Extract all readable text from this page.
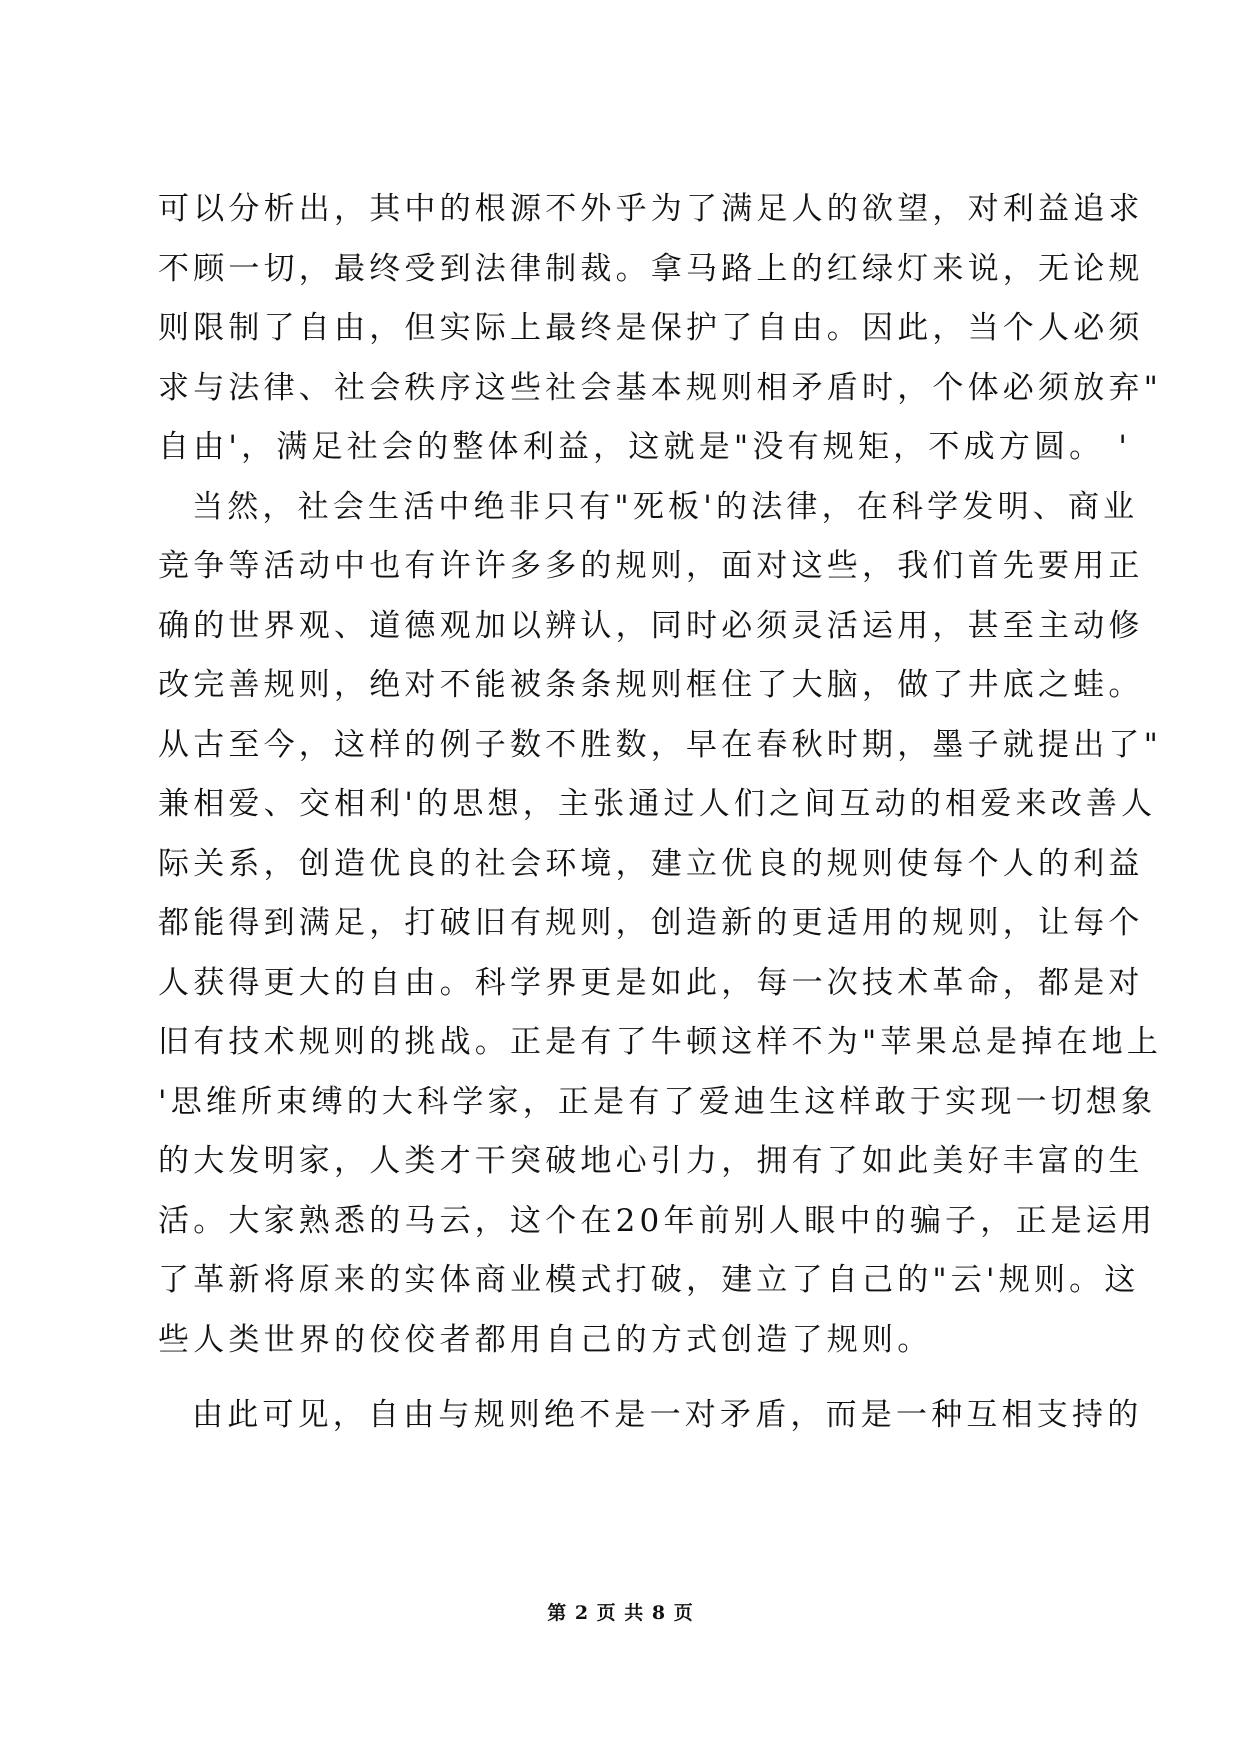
可以分析出，其中的根源不外乎为了满足人的欲望，对利益追求
不顾一切，最终受到法律制裁。拿马路上的红绿灯来说，无论规
则限制了自由，但实际上最终是保护了自由。因此，当个人必须
求与法律、社会秩序这些社会基本规则相矛盾时，个体必须放弃"
自由'，满足社会的整体利益，这就是"没有规矩，不成方圆。 '
当然，社会生活中绝非只有"死板'的法律，在科学发明、商业
竞争等活动中也有许许多多的规则，面对这些，我们首先要用正
确的世界观、道德观加以辨认，同时必须灵活运用，甚至主动修
改完善规则，绝对不能被条条规则框住了大脑，做了井底之蛙。
从古至今，这样的例子数不胜数，早在春秋时期，墨子就提出了"
兼相爱、交相利'的思想，主张通过人们之间互动的相爱来改善人
际关系，创造优良的社会环境，建立优良的规则使每个人的利益
都能得到满足，打破旧有规则，创造新的更适用的规则，让每个
人获得更大的自由。科学界更是如此，每一次技术革命，都是对
旧有技术规则的挑战。正是有了牛顿这样不为"苹果总是掉在地上
'思维所束缚的大科学家，正是有了爱迪生这样敢于实现一切想象
的大发明家，人类才干突破地心引力，拥有了如此美好丰富的生
活。大家熟悉的马云，这个在20年前别人眼中的骗子，正是运用
了革新将原来的实体商业模式打破，建立了自己的"云'规则。这
些人类世界的佼佼者都用自己的方式创造了规则。
由此可见，自由与规则绝不是一对矛盾，而是一种互相支持的
第 2 页 共 8 页
